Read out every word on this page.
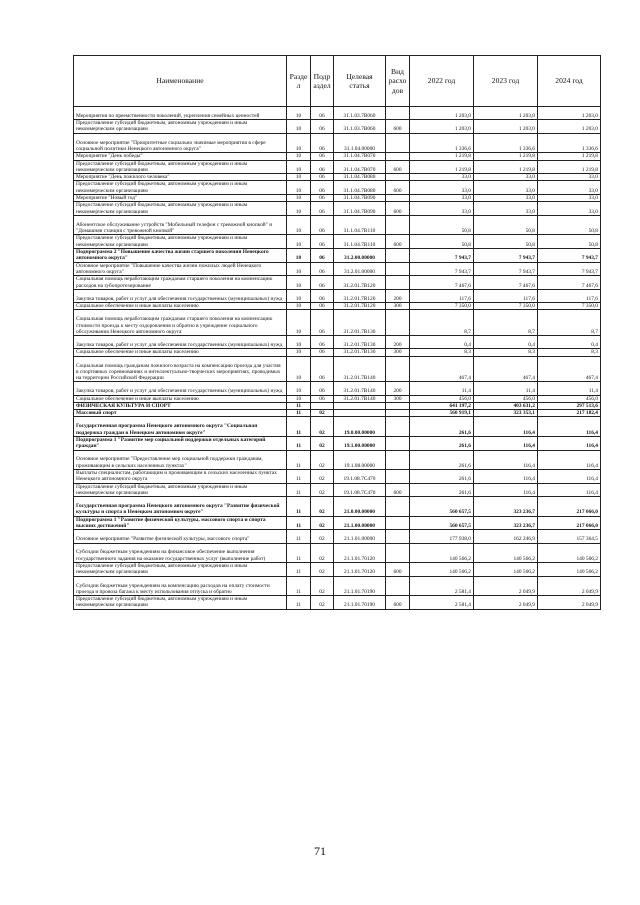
Наименование	Раздел	Подраздел	Целевая статья	Вид расходов	2022 год	2023 год	2024 год
Мероприятия по преемственности поколений, укрепления семейных ценностей	10	06	31.1.03.7В060		1 203,0	1 203,0	1 203,0
Предоставление субсидий бюджетным, автономным учреждениям и иным некоммерческим организациям	10	06	31.1.03.7В060	600	1 203,0	1 203,0	1 203,0
Основное мероприятие "Приоритетные социально значимые мероприятия в сфере социальной политики Ненецкого автономного округа"	10	06	31.1.04.00000		1 336,6	1 336,6	1 336,6
Мероприятие "День победы"	10	06	31.1.04.7В070		1 219,8	1 219,8	1 219,8
Предоставление субсидий бюджетным, автономным учреждениям и иным некоммерческим организациям	10	06	31.1.04.7В070	600	1 219,8	1 219,8	1 219,8
Мероприятие "День пожилого человека"	10	06	31.1.04.7В080		33,0	33,0	33,0
Предоставление субсидий бюджетным, автономным учреждениям и иным некоммерческим организациям	10	06	31.1.04.7В080	600	33,0	33,0	33,0
Мероприятие "Новый год"	10	06	31.1.04.7В090		33,0	33,0	33,0
Предоставление субсидий бюджетным, автономным учреждениям и иным некоммерческим организациям	10	06	31.1.04.7В090	600	33,0	33,0	33,0
Абонентское обслуживание устройств "Мобильный телефон с тревожной кнопкой" и "Домашняя станция с тревожной кнопкой"	10	06	31.1.04.7В110		50,8	50,8	50,8
Предоставление субсидий бюджетным, автономным учреждениям и иным некоммерческим организациям	10	06	31.1.04.7В110	600	50,8	50,8	50,8
Подпрограмма 2 "Повышение качества жизни старшего поколения Ненецкого автономного округа"	10	06	31.2.00.00000		7 943,7	7 943,7	7 943,7
Основное мероприятие "Повышение качества жизни пожилых людей Ненецкого автономного округа"	10	06	31.2.01.00000		7 943,7	7 943,7	7 943,7
Социальная помощь неработающим гражданам старшего поколения на компенсацию расходов на зубопротезирование	10	06	31.2.01.7В120		7 467,6	7 467,6	7 467,6
Закупка товаров, работ и услуг для обеспечения государственных (муниципальных) нужд	10	06	31.2.01.7В120	200	117,6	117,6	117,6
Социальное обеспечение и иные выплаты населению	10	06	31.2.01.7В120	300	7 350,0	7 350,0	7 350,0
Социальная помощь неработающим гражданам старшего поколения на компенсацию стоимости проезда к месту оздоровления и обратно в учреждение социального обслуживания Ненецкого автономного округа	10	06	31.2.01.7В130		8,7	8,7	8,7
Закупка товаров, работ и услуг для обеспечения государственных (муниципальных) нужд	10	06	31.2.01.7В130	200	0,4	0,4	0,4
Социальное обеспечение и иные выплаты населению	10	06	31.2.01.7В130	300	8,3	8,3	8,3
Социальная помощь гражданам пожилого возраста на компенсацию проезда для участия в спортивных соревнованиях и интеллектуально-творческих мероприятиях, проводимых на территории Российской Федерации	10	06	31.2.01.7В140		467,4	467,4	467,4
Закупка товаров, работ и услуг для обеспечения государственных (муниципальных) нужд	10	06	31.2.01.7В140	200	11,4	11,4	11,4
Социальное обеспечение и иные выплаты населению	10	06	31.2.01.7В140	300	456,0	456,0	456,0
ФИЗИЧЕСКАЯ КУЛЬТУРА И СПОРТ	11				641 197,2	403 631,2	297 513,6
Массовый спорт	11	02			560 919,1	323 353,1	217 182,4
Государственная программа Ненецкого автономного округа "Социальная поддержка граждан в Ненецком автономном округе"	11	02	19.0.00.00000		261,6	116,4	116,4
Подпрограмма 1 "Развитие мер социальной поддержки отдельных категорий граждан"	11	02	19.1.00.00000		261,6	116,4	116,4
Основное мероприятие "Предоставление мер социальной поддержки гражданам, проживающим в сельских населенных пунктах"	11	02	19.1.08.00000		261,6	116,4	116,4
Выплаты специалистам, работающим и проживающим в сельских населенных пунктах Ненецкого автономного округа	11	02	19.1.08.7С470		261,6	116,4	116,4
Предоставление субсидий бюджетным, автономным учреждениям и иным некоммерческим организациям	11	02	19.1.08.7С470	600	261,6	116,4	116,4
Государственная программа Ненецкого автономного округа "Развитие физической культуры и спорта в Ненецком автономном округе"	11	02	21.0.00.00000		560 657,5	323 236,7	217 066,0
Подпрограмма 1 "Развитие физической культуры, массового спорта и спорта высших достижений"	11	02	21.1.00.00000		560 657,5	323 236,7	217 066,0
Основное мероприятие "Развитие физической культуры, массового спорта"	11	02	21.1.01.00000		177 938,0	162 246,9	157 364,5
Субсидии бюджетным учреждениям на финансовое обеспечение выполнения государственного задания на оказание государственных услуг (выполнение работ)	11	02	21.1.01.70120		140 566,2	140 566,2	140 566,2
Предоставление субсидий бюджетным, автономным учреждениям и иным некоммерческим организациям	11	02	21.1.01.70120	600	140 566,2	140 566,2	140 566,2
Субсидии бюджетным учреждениям на компенсацию расходов на оплату стоимости проезда и провоза багажа к месту использования отпуска и обратно	11	02	21.1.01.70190		2 581,4	2 049,9	2 049,9
Предоставление субсидий бюджетным, автономным учреждениям и иным некоммерческим организациям	11	02	21.1.01.70190	600	2 581,4	2 049,9	2 049,9
71
